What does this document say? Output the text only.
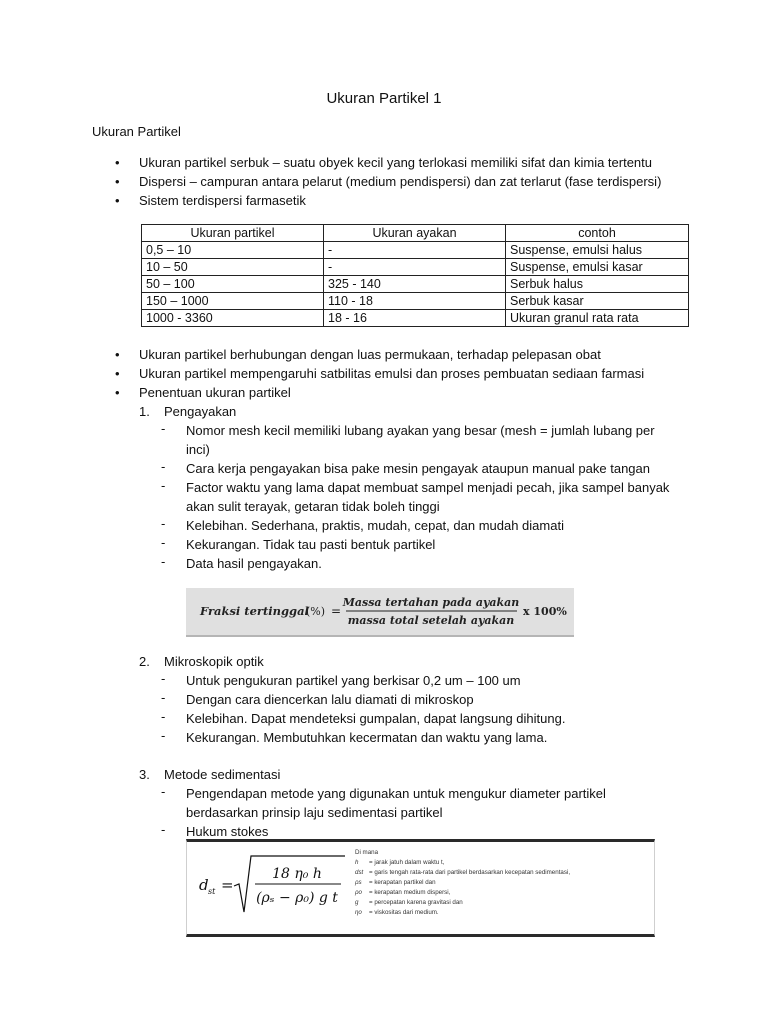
Ukuran Partikel 1
Ukuran Partikel
• Ukuran partikel serbuk – suatu obyek kecil yang terlokasi memiliki sifat dan kimia tertentu
• Dispersi – campuran antara pelarut (medium pendispersi) dan zat terlarut (fase terdispersi)
• Sistem terdispersi farmasetik
Ukuran partikel	Ukuran ayakan	contoh
0,5 – 10	-	Suspense, emulsi halus
10 – 50	-	Suspense, emulsi kasar
50 – 100	325 - 140	Serbuk halus
150 – 1000	110 - 18	Serbuk kasar
1000 - 3360	18 - 16	Ukuran granul rata rata
• Ukuran partikel berhubungan dengan luas permukaan, terhadap pelepasan obat
• Ukuran partikel mempengaruhi satbilitas emulsi dan proses pembuatan sediaan farmasi
• Penentuan ukuran partikel
1. Pengayakan
- Nomor mesh kecil memiliki lubang ayakan yang besar (mesh = jumlah lubang per
inci)
- Cara kerja pengayakan bisa pake mesin pengayak ataupun manual pake tangan
- Factor waktu yang lama dapat membuat sampel menjadi pecah, jika sampel banyak
akan sulit terayak, getaran tidak boleh tinggi
- Kelebihan. Sederhana, praktis, mudah, cepat, dan mudah diamati
- Kekurangan. Tidak tau pasti bentuk partikel
- Data hasil pengayakan.
Fraksi tertinggal
(%) =
Massa tertahan pada ayakan
massa total setelah ayakan
x 100%
2. Mikroskopik optik
- Untuk pengukuran partikel yang berkisar 0,2 um – 100 um
- Dengan cara diencerkan lalu diamati di mikroskop
- Kelebihan. Dapat mendeteksi gumpalan, dapat langsung dihitung.
- Kekurangan. Membutuhkan kecermatan dan waktu yang lama.
3. Metode sedimentasi
- Pengendapan metode yang digunakan untuk mengukur diameter partikel
berdasarkan prinsip laju sedimentasi partikel
- Hukum stokes
d st =
18 η₀ h
(ρₛ − ρ₀) g t
Di mana
h = jarak jatuh dalam waktu t,
dst = garis tengah rata-rata dari partikel berdasarkan kecepatan sedimentasi,
ρs = kerapatan partikel dan
ρo = kerapatan medium dispersi,
g = percepatan karena gravitasi dan
ηo = viskositas dari medium.
